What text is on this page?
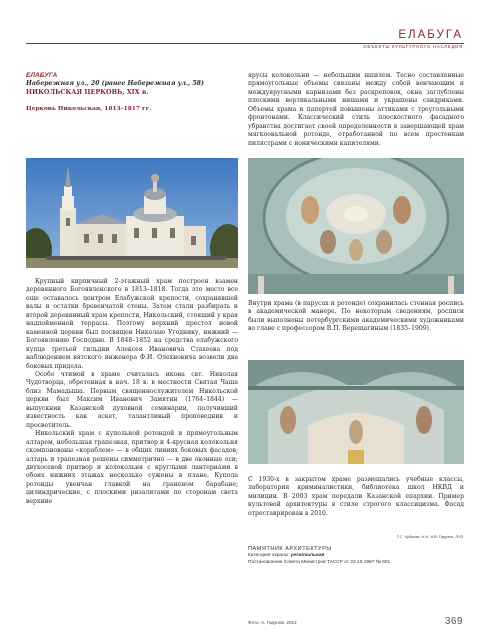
ЕЛАБУГА
ОБЪЕКТЫ КУЛЬТУРНОГО НАСЛЕДИЯ
ЕЛАБУГА
Набережная ул., 20 (ранее Набережная ул., 58)
НИКОЛЬСКАЯ ЦЕРКОВЬ, XIX в.
Церковь Никольская, 1813–1817 гг.

ярусы колокольни — небольшим шпилем. Тесно составленные прямоугольные объемы связаны между собой венчающим и междуярусными карнизами без раскреповок, окна заглублены плоскими вертикальными нишами и украшены сандриками. Объемы храма и папертей повышены аттиками с треугольными фронтонами. Классический стиль плоскостного фасадного убранства достигает своей определенности в завершающей храм мягкоовальной ротонде, отработанной по всем простенкам пилястрами с ионическими капителями.

Крупный кирпичный 2-этажный храм построен взамен деревянного Богоявленского в 1813–1818. Тогда это место все еще оставалось центром Елабужской крепости, сохранявшей валы и остатки бревенчатой стены. Затем стали разбирать и второй деревянный храм крепости, Никольский, стоящий у края надпойменной террасы. Поэтому верхний престол новой каменной церкви был посвящен Николаю Угоднику, нижний — Богоявлению Господню. В 1848–1852 на средства елабужского купца третьей гильдии Алексея Ивановича Стахеева под наблюдением вятского инженера Ф.И. Олехновича возвели два боковых придела.

Особо чтимой в храме считалась икона свт. Николая Чудотворца, обретенная в нач. 18 в. в местности Святая Чаша близ Мамадыша. Первым священнослужителем Никольской церкви был Максим Иванович Замятин (1764–1844) — выпускник Казанской духовной семинарии, получивший известность как аскет, талантливый проповедник и просветитель.

Никольский храм с купольной ротондой и прямоугольным алтарем, небольшая трапезная, притвор и 4-ярусная колокольня скомпонованы «кораблем» — в общих линиях боковых фасадов; алтарь и трапезная решены симметрично — в две оконные оси; двухосевой притвор и колокольня с круглыми лантернами в обоих нижних этажах несколько сужены в плане. Купола ротонды увенчан главкой на граненом барабане; цилиндрические, с плоскими ризалитами по сторонам света верхние

Внутри храма (в парусах и ротонде) сохранилась стенная роспись в академической манере. По некоторым сведениям, росписи были выполнены петербургскими академическими художниками во главе с профессором В.П. Верещагиным (1835–1909).
С 1930-х в закрытом храме размещались учебные классы, лаборатория криминалистики, библиотека школ НКВД и милиции. В 2003 храм передали Казанской епархии. Пример культовой архитектуры в стиле строгого классицизма. Фасад отреставрирован в 2010.
Т.С. Чуйкова, Н.Н. А.В. Гарунов, ЛУЗ
ПАМЯТНИК АРХИТЕКТУРЫ
Категория охраны: региональная
Постановление Совета Министров ТАССР от 23.10.1987 № 601
Фото: А. Гарунов, 2013	369
